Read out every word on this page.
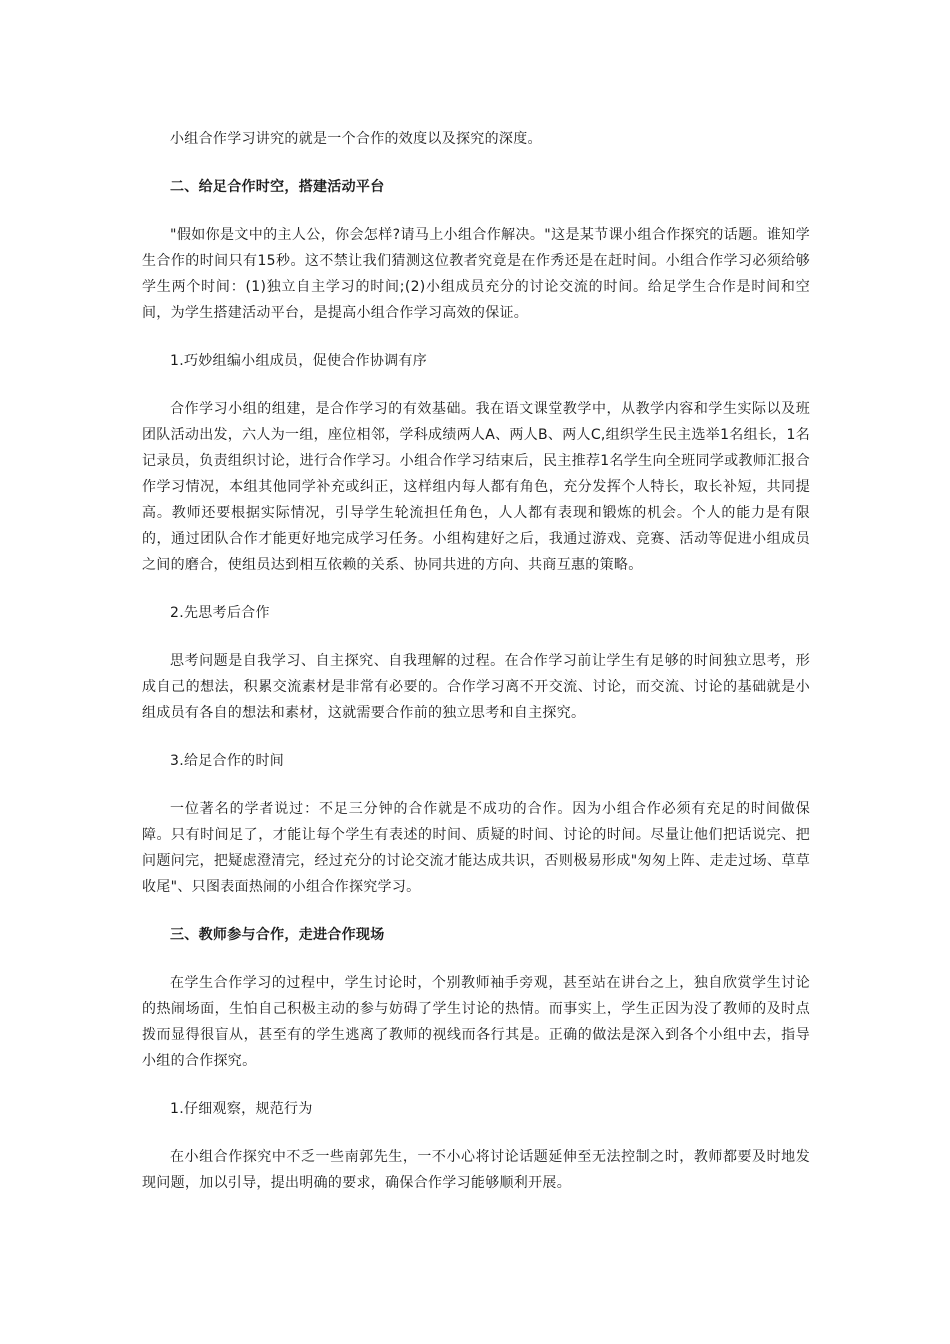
小组合作学习讲究的就是一个合作的效度以及探究的深度。

二、给足合作时空，搭建活动平台

"假如你是文中的主人公，你会怎样?请马上小组合作解决。"这是某节课小组合作探究的话题。谁知学生合作的时间只有15秒。这不禁让我们猜测这位教者究竟是在作秀还是在赶时间。小组合作学习必须给够学生两个时间：(1)独立自主学习的时间;(2)小组成员充分的讨论交流的时间。给足学生合作是时间和空间，为学生搭建活动平台，是提高小组合作学习高效的保证。

1.巧妙组编小组成员，促使合作协调有序

合作学习小组的组建，是合作学习的有效基础。我在语文课堂教学中，从教学内容和学生实际以及班团队活动出发，六人为一组，座位相邻，学科成绩两人A、两人B、两人C,组织学生民主选举1名组长，1名记录员，负责组织讨论，进行合作学习。小组合作学习结束后，民主推荐1名学生向全班同学或教师汇报合作学习情况，本组其他同学补充或纠正，这样组内每人都有角色，充分发挥个人特长，取长补短，共同提高。教师还要根据实际情况，引导学生轮流担任角色，人人都有表现和锻炼的机会。个人的能力是有限的，通过团队合作才能更好地完成学习任务。小组构建好之后，我通过游戏、竞赛、活动等促进小组成员之间的磨合，使组员达到相互依赖的关系、协同共进的方向、共商互惠的策略。

2.先思考后合作

思考问题是自我学习、自主探究、自我理解的过程。在合作学习前让学生有足够的时间独立思考，形成自己的想法，积累交流素材是非常有必要的。合作学习离不开交流、讨论，而交流、讨论的基础就是小组成员有各自的想法和素材，这就需要合作前的独立思考和自主探究。

3.给足合作的时间

一位著名的学者说过：不足三分钟的合作就是不成功的合作。因为小组合作必须有充足的时间做保障。只有时间足了，才能让每个学生有表述的时间、质疑的时间、讨论的时间。尽量让他们把话说完、把问题问完，把疑虑澄清完，经过充分的讨论交流才能达成共识，否则极易形成"匆匆上阵、走走过场、草草收尾"、只图表面热闹的小组合作探究学习。

三、教师参与合作，走进合作现场

在学生合作学习的过程中，学生讨论时，个别教师袖手旁观，甚至站在讲台之上，独自欣赏学生讨论的热闹场面，生怕自己积极主动的参与妨碍了学生讨论的热情。而事实上，学生正因为没了教师的及时点拨而显得很盲从，甚至有的学生逃离了教师的视线而各行其是。正确的做法是深入到各个小组中去，指导小组的合作探究。

1.仔细观察，规范行为

在小组合作探究中不乏一些南郭先生，一不小心将讨论话题延伸至无法控制之时，教师都要及时地发现问题，加以引导，提出明确的要求，确保合作学习能够顺利开展。
